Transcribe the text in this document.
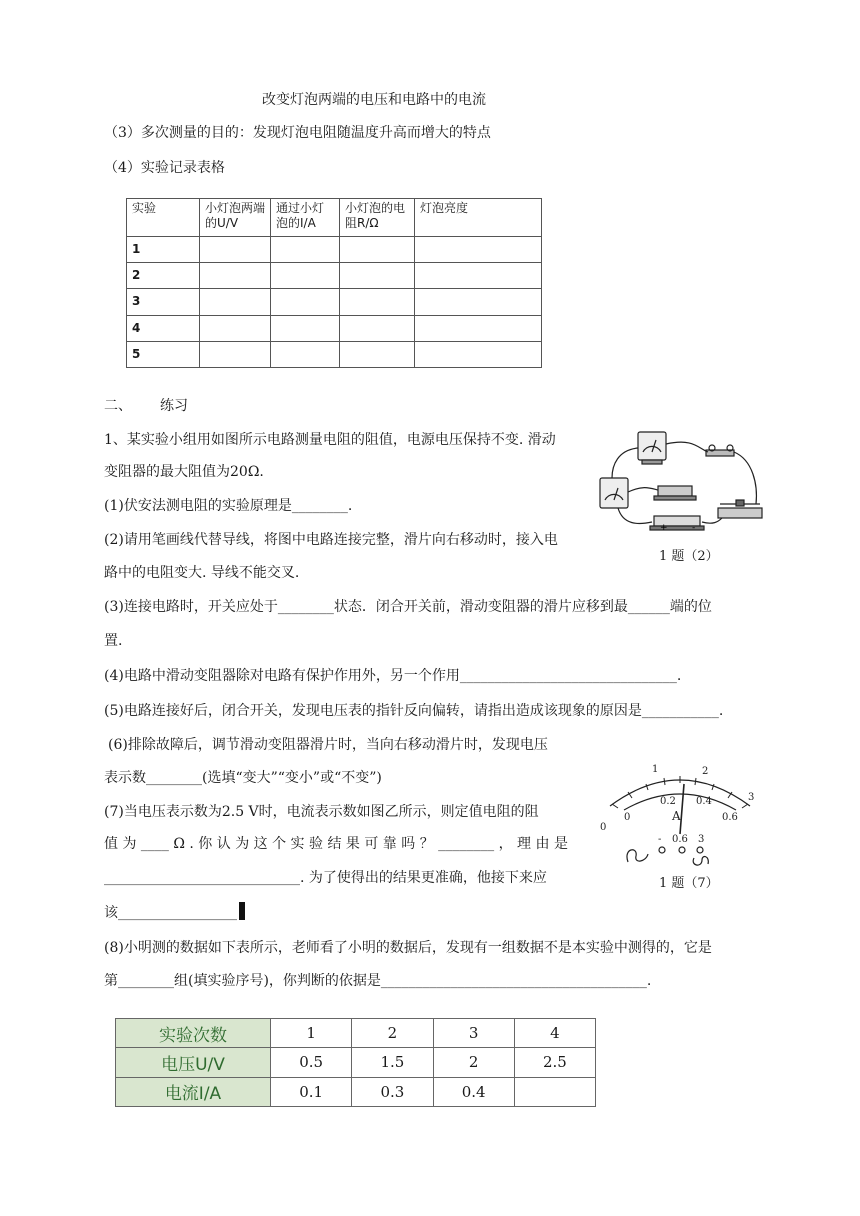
改变灯泡两端的电压和电路中的电流
（3）多次测量的目的：发现灯泡电阻随温度升高而增大的特点
（4）实验记录表格
实验	小灯泡两端的U/V	通过小灯泡的I/A	小灯泡的电阻R/Ω	灯泡亮度
1				
2				
3				
4				
5				
二、 练习
1、某实验小组用如图所示电路测量电阻的阻值，电源电压保持不变. 滑动
变阻器的最大阻值为20Ω.
(1)伏安法测电阻的实验原理是________.
(2)请用笔画线代替导线，将图中电路连接完整，滑片向右移动时，接入电
路中的电阻变大. 导线不能交叉.
(3)连接电路时，开关应处于________状态．闭合开关前，滑动变阻器的滑片应移到最______端的位
置.
(4)电路中滑动变阻器除对电路有保护作用外，另一个作用_______________________________.
(5)电路连接好后，闭合开关，发现电压表的指针反向偏转，请指出造成该现象的原因是___________.
(6)排除故障后，调节滑动变阻器滑片时，当向右移动滑片时，发现电压
表示数________(选填“变大”“变小”或“不变”)
(7)当电压表示数为2.5 V时，电流表示数如图乙所示，则定值电阻的阻
值 为 ____ Ω . 你 认 为 这 个 实 验 结 果 可 靠 吗 ？ ________ ， 理 由 是
____________________________. 为了使得出的结果更准确，他接下来应
该_________________
(8)小明测的数据如下表所示，老师看了小明的数据后，发现有一组数据不是本实验中测得的，它是
第________组(填实验序号)，你判断的依据是______________________________________.
+	-
1 题（2）
0
1	2
3
0
0.2 0.4
0.6
A
- 0.6 3
1 题（7）
实验次数	1	2	3	4
电压U/V	0.5	1.5	2	2.5
电流I/A	0.1	0.3	0.4	
